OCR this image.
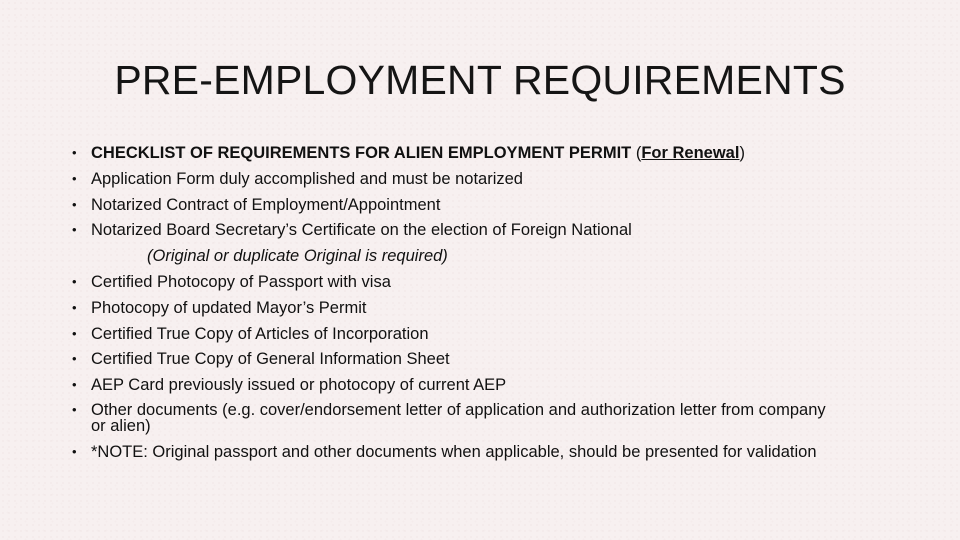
PRE-EMPLOYMENT REQUIREMENTS
• CHECKLIST OF REQUIREMENTS FOR ALIEN EMPLOYMENT PERMIT (For Renewal)
• Application Form duly accomplished and must be notarized
• Notarized Contract of Employment/Appointment
• Notarized Board Secretary’s Certificate on the election of Foreign National
(Original or duplicate Original is required)
• Certified Photocopy of Passport with visa
• Photocopy of updated Mayor’s Permit
• Certified True Copy of Articles of Incorporation
• Certified True Copy of General Information Sheet
• AEP Card previously issued or photocopy of current AEP
• Other documents (e.g. cover/endorsement letter of application and authorization letter from company
or alien)
• *NOTE: Original passport and other documents when applicable, should be presented for validation
